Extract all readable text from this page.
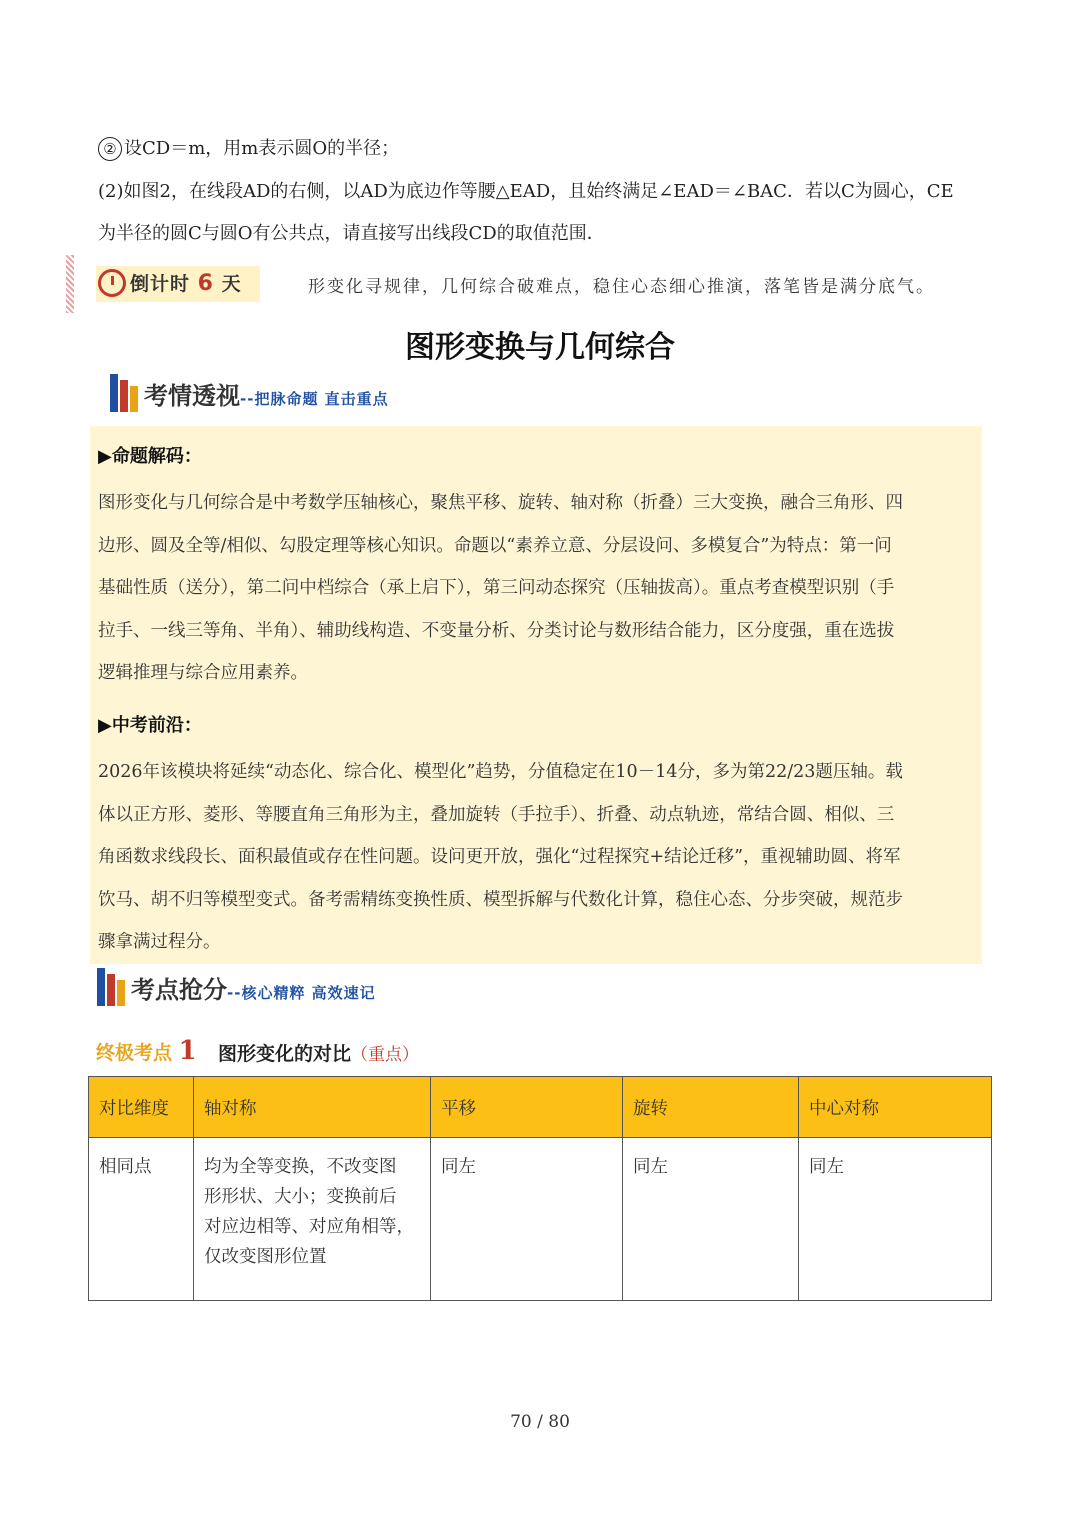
② 设CD＝m，用m表示圆O的半径；
(2)如图2，在线段AD的右侧，以AD为底边作等腰△EAD，且始终满足∠EAD＝∠BAC．若以C为圆心，CE
为半径的圆C与圆O有公共点，请直接写出线段CD的取值范围．
倒计时 6 天	形变化寻规律，几何综合破难点，稳住心态细心推演，落笔皆是满分底气。
图形变换与几何综合
考情透视--把脉命题 直击重点
▶命题解码：
图形变化与几何综合是中考数学压轴核心，聚焦平移、旋转、轴对称（折叠）三大变换，融合三角形、四
边形、圆及全等/相似、勾股定理等核心知识。命题以“素养立意、分层设问、多模复合”为特点：第一问
基础性质（送分），第二问中档综合（承上启下），第三问动态探究（压轴拔高）。重点考查模型识别（手
拉手、一线三等角、半角）、辅助线构造、不变量分析、分类讨论与数形结合能力，区分度强，重在选拔
逻辑推理与综合应用素养。
▶中考前沿：
2026年该模块将延续“动态化、综合化、模型化”趋势，分值稳定在10－14分，多为第22/23题压轴。载
体以正方形、菱形、等腰直角三角形为主，叠加旋转（手拉手）、折叠、动点轨迹，常结合圆、相似、三
角函数求线段长、面积最值或存在性问题。设问更开放，强化“过程探究+结论迁移”，重视辅助圆、将军
饮马、胡不归等模型变式。备考需精练变换性质、模型拆解与代数化计算，稳住心态、分步突破，规范步
骤拿满过程分。
考点抢分--核心精粹 高效速记
终极考点 1 图形变化的对比（重点）
对比维度	轴对称	平移	旋转	中心对称
相同点	均为全等变换，不改变图
形形状、大小；变换前后
对应边相等、对应角相等，
仅改变图形位置	同左	同左	同左
70 / 80
